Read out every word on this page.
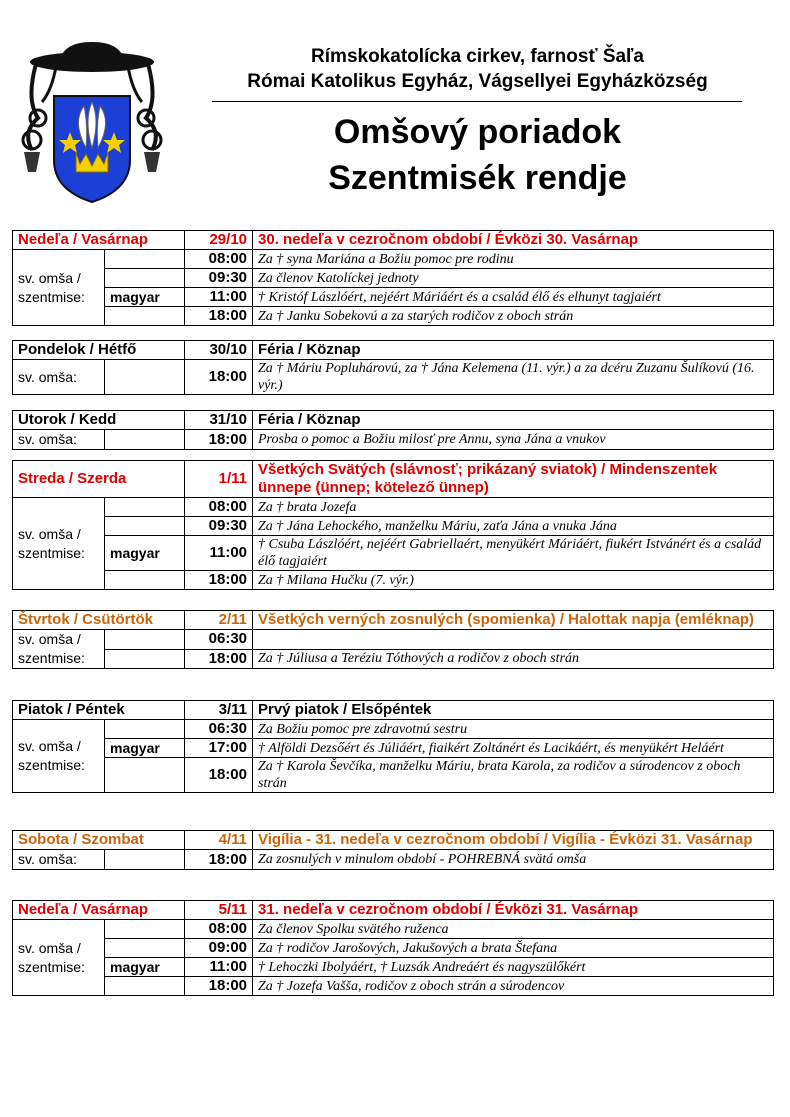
Rímskokatolícka cirkev, farnosť Šaľa
Római Katolikus Egyház, Vágsellyei Egyházközség
Omšový poriadok
Szentmisék rendje
Nedeľa / Vasárnap		29/10	30. nedeľa v cezročnom období / Évközi 30. Vasárnap
sv. omša / szentmise:		08:00	Za † syna Mariána a Božiu pomoc pre rodinu
		09:30	Za členov Katolíckej jednoty
	magyar	11:00	† Kristóf Lászlóért, nejéért Máriáért és a család élő és elhunyt tagjaiért
		18:00	Za † Janku Sobekovú a za starých rodičov z oboch strán
Pondelok / Hétfő		30/10	Féria / Köznap
sv. omša:		18:00	Za † Máriu Popluhárovú, za † Jána Kelemena (11. výr.) a za dcéru Zuzanu Šulíkovú (16. výr.)
Utorok / Kedd		31/10	Féria / Köznap
sv. omša:		18:00	Prosba o pomoc a Božiu milosť pre Annu, syna Jána a vnukov
Streda / Szerda		1/11	Všetkých Svätých (slávnosť; prikázaný sviatok) / Mindenszentek ünnepe (ünnep; kötelező ünnep)
sv. omša / szentmise:		08:00	Za † brata Jozefa
		09:30	Za † Jána Lehockého, manželku Máriu, zaťa Jána a vnuka Jána
	magyar	11:00	† Csuba Lászlóért, nejéért Gabriellaért, menyükért Máriáért, fiukért Istvánért és a család élő tagjaiért
		18:00	Za † Milana Hučku (7. výr.)
Štvrtok / Csütörtök		2/11	Všetkých verných zosnulých (spomienka) / Halottak napja (emléknap)
sv. omša / szentmise:		06:30	
		18:00	Za † Júliusa a Teréziu Tóthových a rodičov z oboch strán
Piatok / Péntek		3/11	Prvý piatok / Elsőpéntek
sv. omša / szentmise:		06:30	Za Božiu pomoc pre zdravotnú sestru
	magyar	17:00	† Alföldi Dezsőért és Júliáért, fiaikért Zoltánért és Lacikáért, és menyükért Heláért
		18:00	Za † Karola Ševčíka, manželku Máriu, brata Karola, za rodičov a súrodencov z oboch strán
Sobota / Szombat		4/11	Vigília - 31. nedeľa v cezročnom období / Vigília - Évközi 31. Vasárnap
sv. omša:		18:00	Za zosnulých v minulom období - POHREBNÁ svätá omša
Nedeľa / Vasárnap		5/11	31. nedeľa v cezročnom období / Évközi 31. Vasárnap
sv. omša / szentmise:		08:00	Za členov Spolku svätého ruženca
		09:00	Za † rodičov Jarošových, Jakušových a brata Štefana
	magyar	11:00	† Lehoczki Ibolyáért, † Luzsák Andreáért és nagyszülőkért
		18:00	Za † Jozefa Vašša, rodičov z oboch strán a súrodencov
